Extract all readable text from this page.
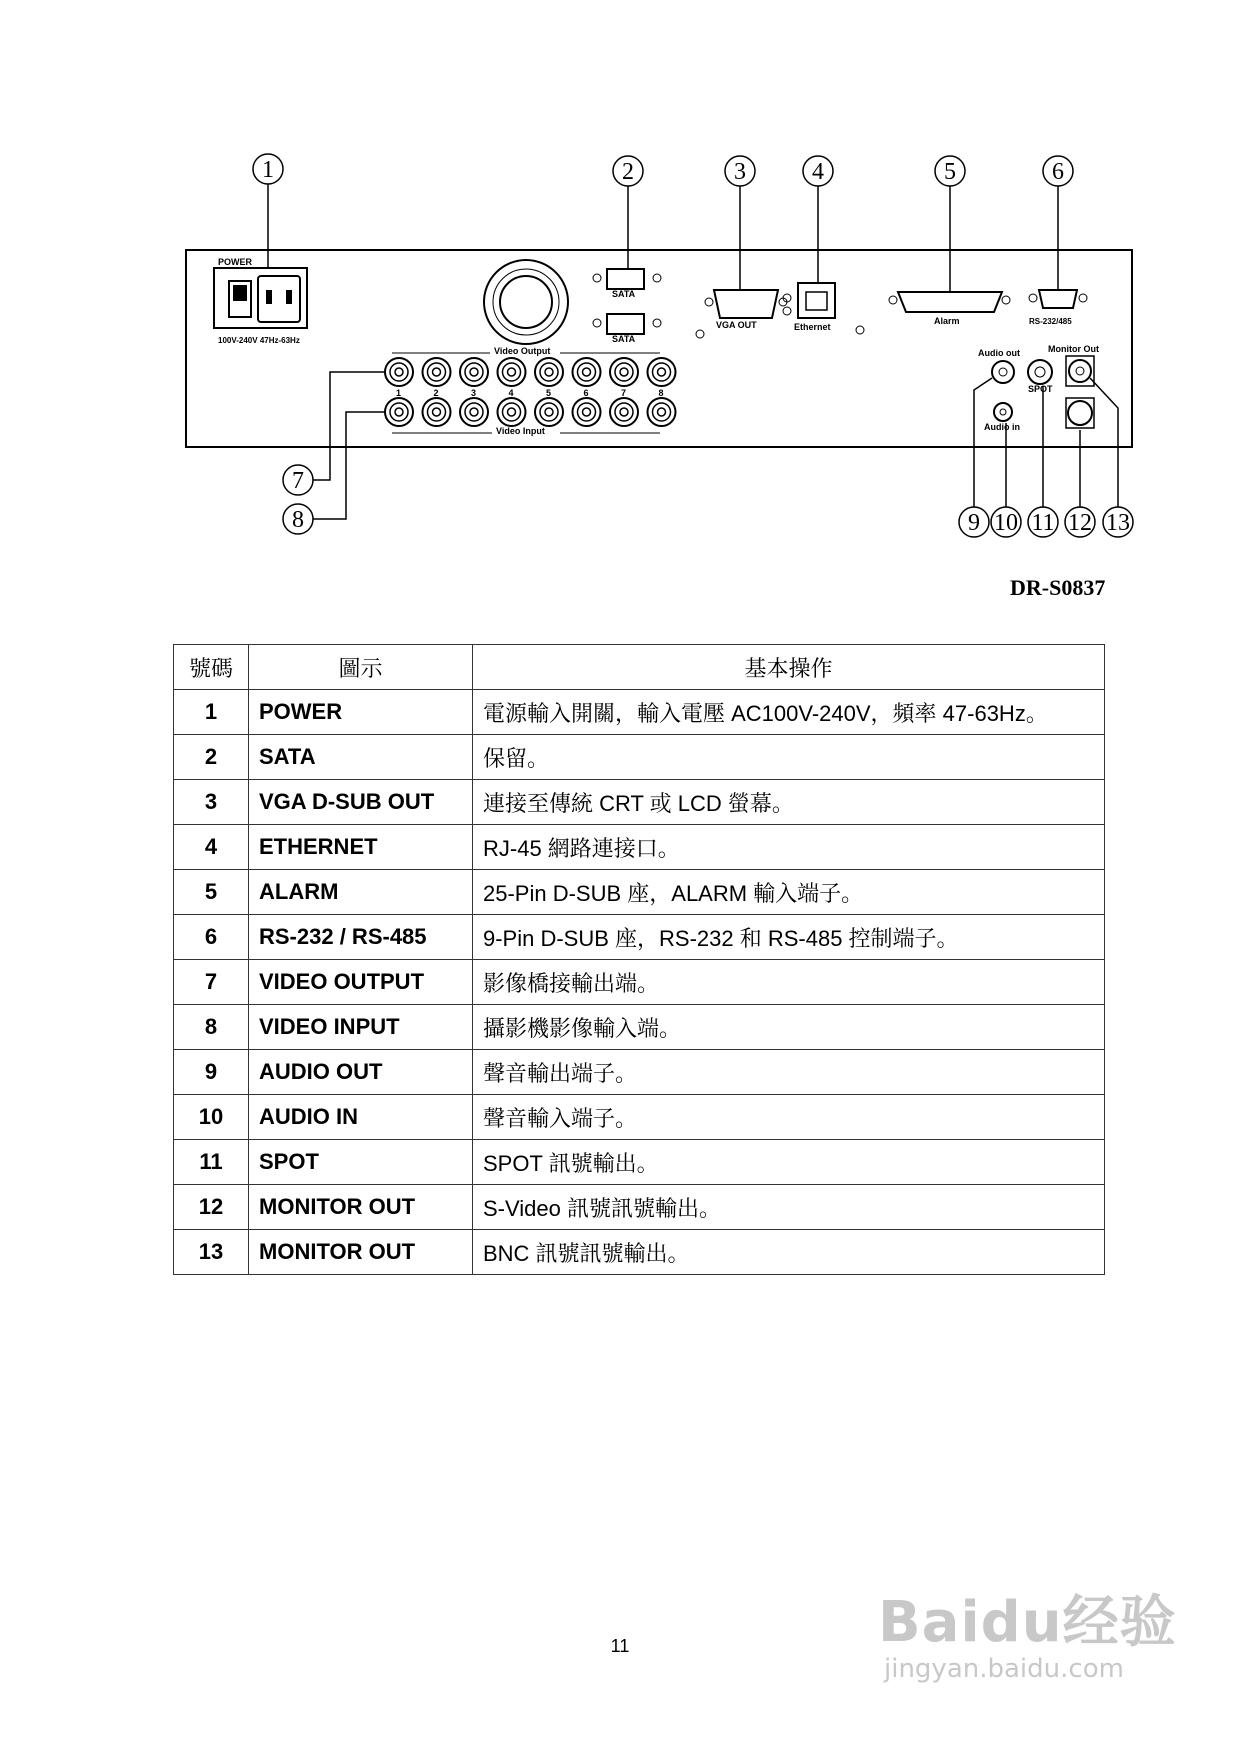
POWER
100V-240V 47Hz-63Hz
SATA
SATA
VGA OUT	Ethernet
Alarm	RS-232/485
Video Output
1	2	3	4	5	6	7	8
Video Input
Audio out
Audio in
SPOT
Monitor Out
1	2	3	4	5	6
7
8	9 10 11 12 13
DR-S0837
號碼	圖示	基本操作
1	POWER	電源輸入開關，輸入電壓 AC100V-240V，頻率 47-63Hz。
2	SATA	保留。
3	VGA D-SUB OUT	連接至傳統 CRT 或 LCD 螢幕。
4	ETHERNET	RJ-45 網路連接口。
5	ALARM	25-Pin D-SUB 座，ALARM 輸入端子。
6	RS-232 / RS-485	9-Pin D-SUB 座，RS-232 和 RS-485 控制端子。
7	VIDEO OUTPUT	影像橋接輸出端。
8	VIDEO INPUT	攝影機影像輸入端。
9	AUDIO OUT	聲音輸出端子。
10	AUDIO IN	聲音輸入端子。
11	SPOT	SPOT 訊號輸出。
12	MONITOR OUT	S-Video 訊號訊號輸出。
13	MONITOR OUT	BNC 訊號訊號輸出。
11	Baidu经验
jingyan.baidu.com
